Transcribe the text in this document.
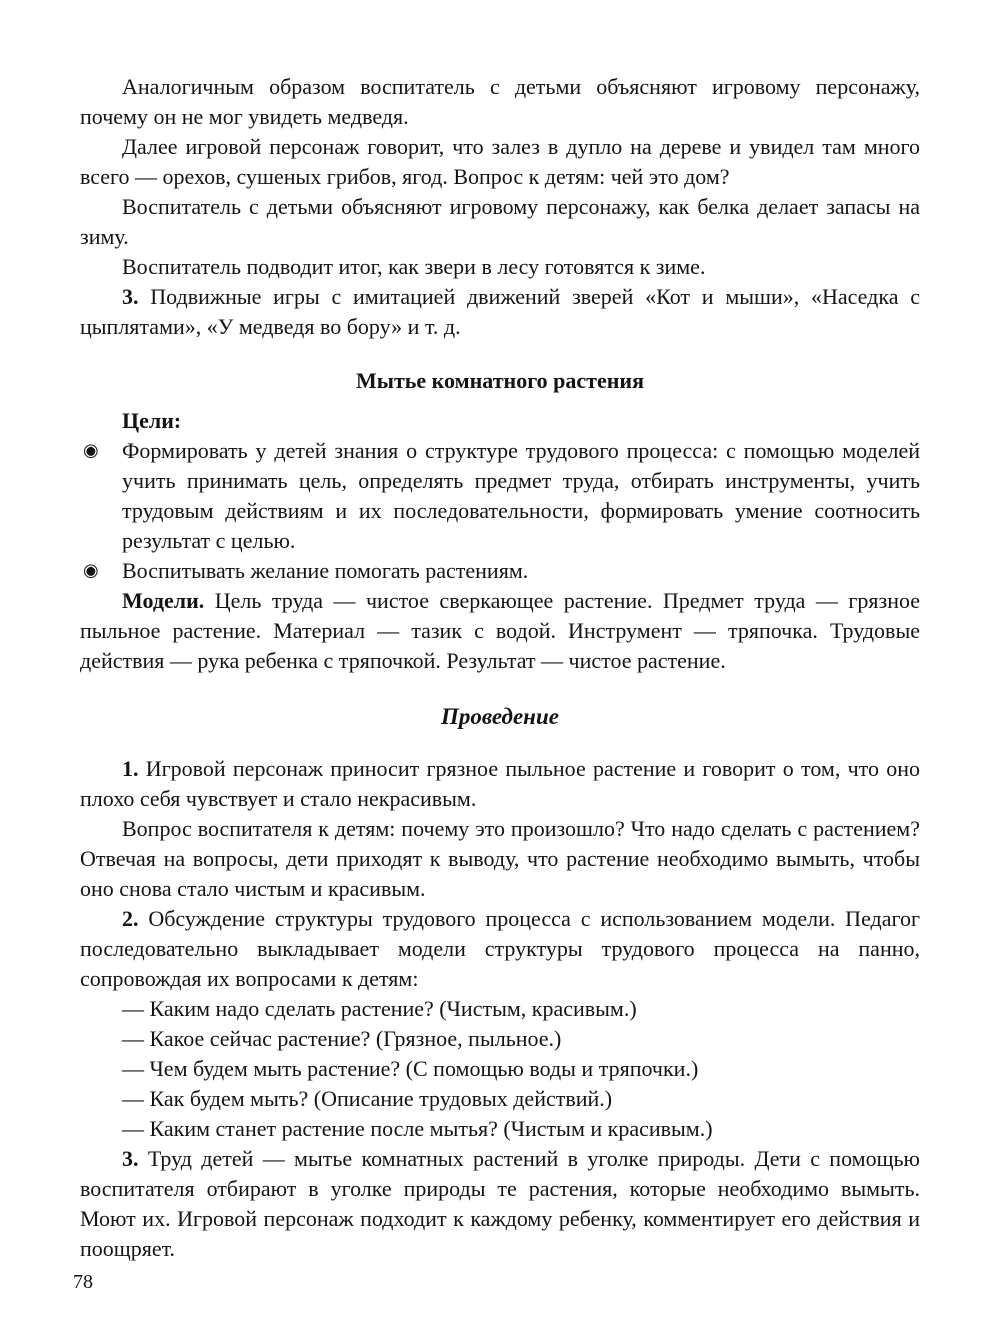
Аналогичным образом воспитатель с детьми объясняют игровому персонажу, почему он не мог увидеть медведя.

Далее игровой персонаж говорит, что залез в дупло на дереве и увидел там много всего — орехов, сушеных грибов, ягод. Вопрос к детям: чей это дом?

Воспитатель с детьми объясняют игровому персонажу, как белка делает запасы на зиму.

Воспитатель подводит итог, как звери в лесу готовятся к зиме.

3. Подвижные игры с имитацией движений зверей «Кот и мыши», «Наседка с цыплятами», «У медведя во бору» и т. д.

Мытье комнатного растения

Цели:

◉	Формировать у детей знания о структуре трудового процесса: с помощью моделей учить принимать цель, определять предмет труда, отбирать инструменты, учить трудовым действиям и их последовательности, формировать умение соотносить результат с целью.
◉	Воспитывать желание помогать растениям.

Модели. Цель труда — чистое сверкающее растение. Предмет труда — грязное пыльное растение. Материал — тазик с водой. Инструмент — тряпочка. Трудовые действия — рука ребенка с тряпочкой. Результат — чистое растение.

Проведение

1. Игровой персонаж приносит грязное пыльное растение и говорит о том, что оно плохо себя чувствует и стало некрасивым.

Вопрос воспитателя к детям: почему это произошло? Что надо сделать с растением? Отвечая на вопросы, дети приходят к выводу, что растение необходимо вымыть, чтобы оно снова стало чистым и красивым.

2. Обсуждение структуры трудового процесса с использованием модели. Педагог последовательно выкладывает модели структуры трудового процесса на панно, сопровождая их вопросами к детям:

— Каким надо сделать растение? (Чистым, красивым.)

— Какое сейчас растение? (Грязное, пыльное.)

— Чем будем мыть растение? (С помощью воды и тряпочки.)

— Как будем мыть? (Описание трудовых действий.)

— Каким станет растение после мытья? (Чистым и красивым.)

3. Труд детей — мытье комнатных растений в уголке природы. Дети с помощью воспитателя отбирают в уголке природы те растения, которые необходимо вымыть. Моют их. Игровой персонаж подходит к каждому ребенку, комментирует его действия и поощряет.

78
